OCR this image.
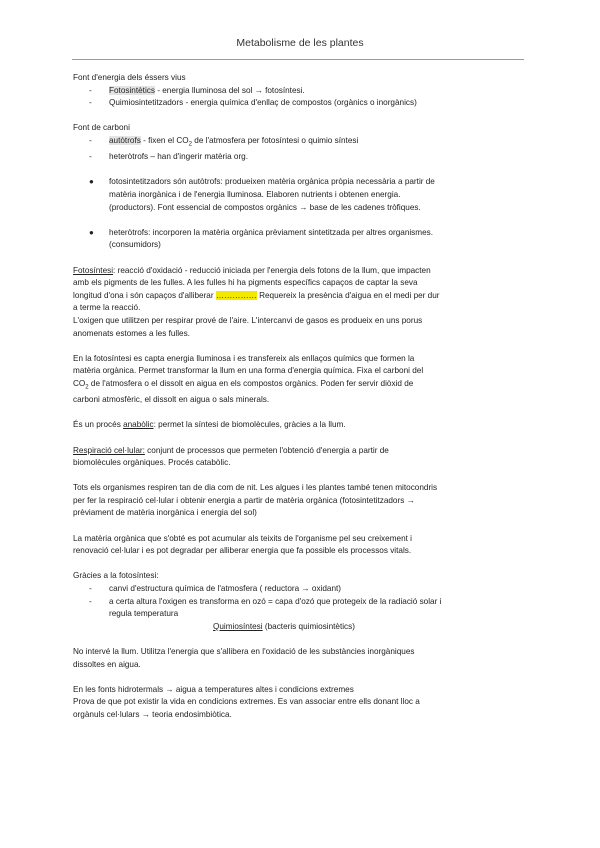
Metabolisme de les plantes

Font d'energia dels éssers vius

- Fotosintètics - energia lluminosa del sol → fotosíntesi.

- Quimiosintetitzadors - energia química d'enllaç de compostos (orgànics o inorgànics)

Font de carboni

- autòtrofs - fixen el $CO_2$ de l'atmosfera per fotosíntesi o quimio síntesi

- heteròtrofs – han d'ingerir matèria org.

● fotosintetitzadors són autòtrofs: produeixen matèria orgànica pròpia necessària a partir de

matèria inorgànica i de l'energia lluminosa. Elaboren nutrients i obtenen energia.

(productors). Font essencial de compostos orgànics → base de les cadenes tròfiques.

● heteròtrofs: incorporen la matèria orgànica prèviament sintetitzada per altres organismes.

(consumidors)

Fotosíntesi: reacció d'oxidació - reducció iniciada per l'energia dels fotons de la llum, que impacten

amb els pigments de les fulles. A les fulles hi ha pigments específics capaços de captar la seva

longitud d'ona i són capaços d'alliberar …………… Requereix la presència d'aigua en el medi per dur

a terme la reacció.

L'oxigen que utilitzen per respirar prové de l'aire. L'intercanvi de gasos es produeix en uns porus

anomenats estomes a les fulles.

En la fotosíntesi es capta energia lluminosa i es transfereix als enllaços químics que formen la

matèria orgànica. Permet transformar la llum en una forma d'energia química. Fixa el carboni del

$CO_2$ de l'atmosfera o el dissolt en aigua en els compostos orgànics. Poden fer servir diòxid de

carboni atmosfèric, el dissolt en aigua o sals minerals.

És un procés anabòlic: permet la síntesi de biomolècules, gràcies a la llum.

Respiració cel·lular: conjunt de processos que permeten l'obtenció d'energia a partir de

biomolècules orgàniques. Procés catabòlic.

Tots els organismes respiren tan de dia com de nit. Les algues i les plantes també tenen mitocondris

per fer la respiració cel·lular i obtenir energia a partir de matèria orgànica (fotosintetitzadors →

prèviament de matèria inorgànica i energia del sol)

La matèria orgànica que s'obté es pot acumular als teixits de l'organisme pel seu creixement i

renovació cel·lular i es pot degradar per alliberar energia que fa possible els processos vitals.

Gràcies a la fotosíntesi:

- canvi d'estructura química de l'atmosfera ( reductora → oxidant)

- a certa altura l'oxigen es transforma en ozó = capa d'ozó que protegeix de la radiació solar i

regula temperatura

Quimiosíntesi (bacteris quimiosintètics)

No intervé la llum. Utilitza l'energia que s'allibera en l'oxidació de les substàncies inorgàniques

dissoltes en aigua.

En les fonts hidrotermals → aigua a temperatures altes i condicions extremes

Prova de que pot existir la vida en condicions extremes. Es van associar entre ells donant lloc a

orgànuls cel·lulars → teoria endosimbiòtica.
